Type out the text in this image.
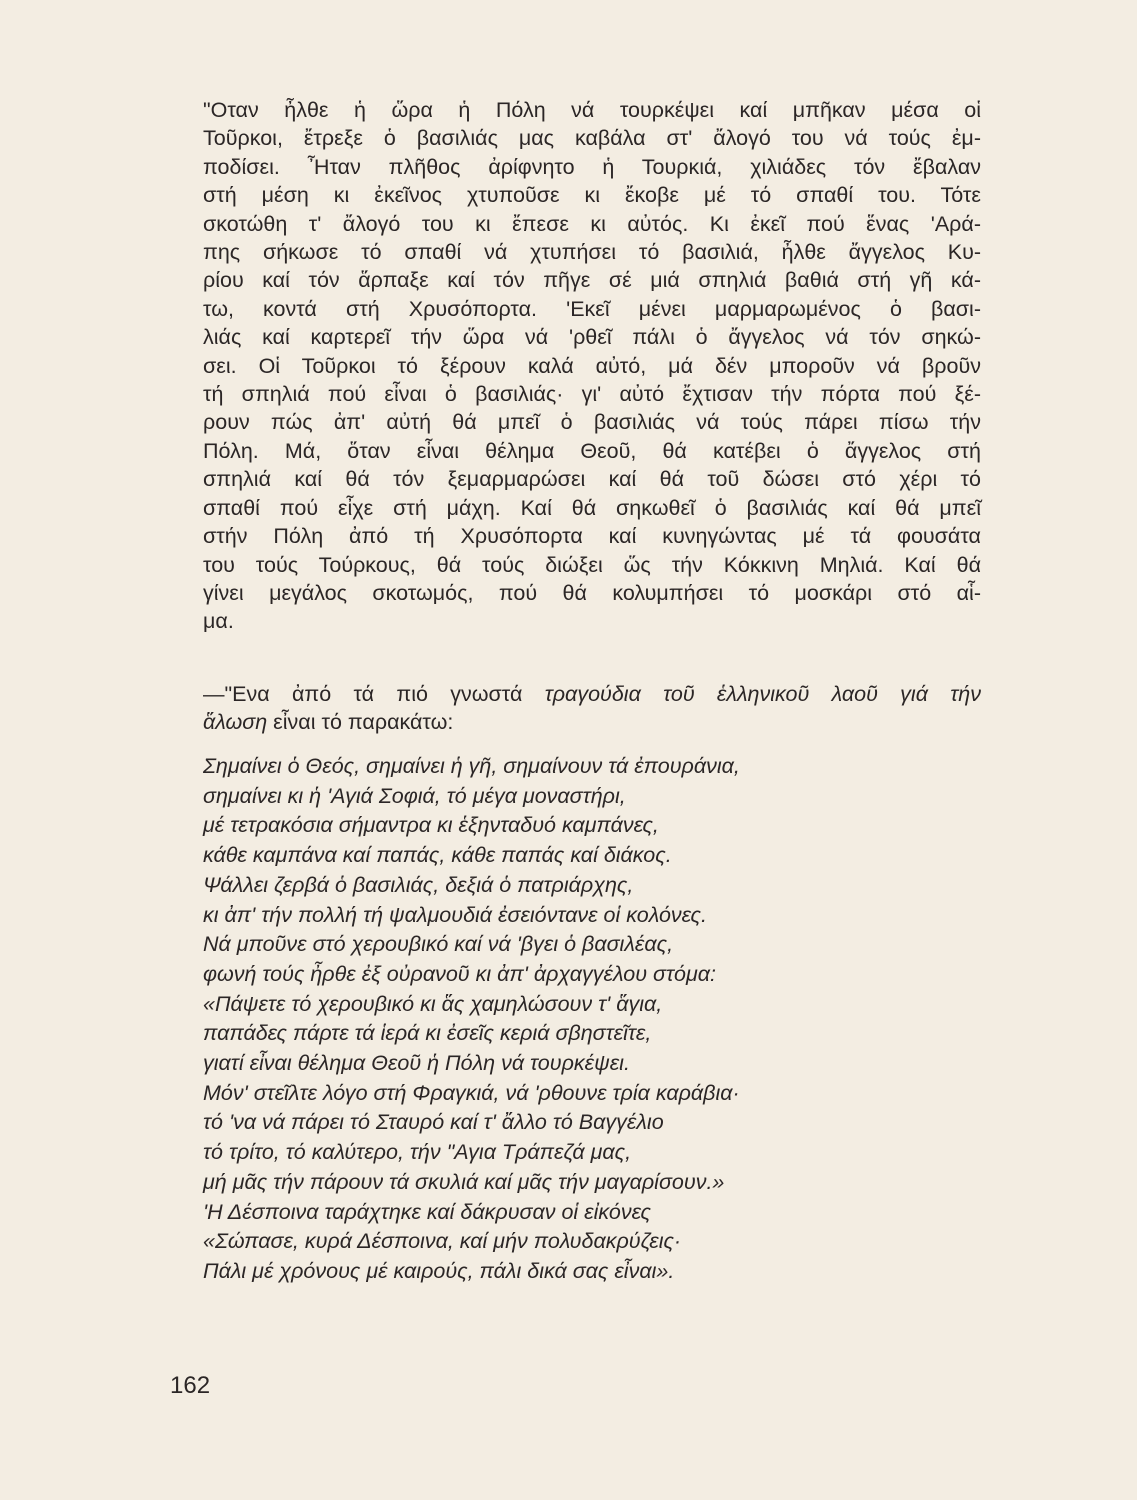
"Οταν ἦλθε ἡ ὥρα ἡ Πόλη νά τουρκέψει καί μπῆκαν μέσα οἱ
Τοῦρκοι, ἔτρεξε ὁ βασιλιάς μας καβάλα στ' ἄλογό του νά τούς ἐμ-
ποδίσει. Ἦταν πλῆθος ἀρίφνητο ἡ Τουρκιά, χιλιάδες τόν ἔβαλαν
στή μέση κι ἐκεῖνος χτυποῦσε κι ἔκοβε μέ τό σπαθί του. Τότε
σκοτώθη τ' ἄλογό του κι ἔπεσε κι αὐτός. Κι ἐκεῖ πού ἕνας 'Αρά-
πης σήκωσε τό σπαθί νά χτυπήσει τό βασιλιά, ἦλθε ἄγγελος Κυ-
ρίου καί τόν ἅρπαξε καί τόν πῆγε σέ μιά σπηλιά βαθιά στή γῆ κά-
τω, κοντά στή Χρυσόπορτα. 'Εκεῖ μένει μαρμαρωμένος ὁ βασι-
λιάς καί καρτερεῖ τήν ὥρα νά 'ρθεῖ πάλι ὁ ἄγγελος νά τόν σηκώ-
σει. Οἱ Τοῦρκοι τό ξέρουν καλά αὐτό, μά δέν μποροῦν νά βροῦν
τή σπηλιά πού εἶναι ὁ βασιλιάς· γι' αὐτό ἔχτισαν τήν πόρτα πού ξέ-
ρουν πώς ἀπ' αὐτή θά μπεῖ ὁ βασιλιάς νά τούς πάρει πίσω τήν
Πόλη. Μά, ὅταν εἶναι θέλημα Θεοῦ, θά κατέβει ὁ ἄγγελος στή
σπηλιά καί θά τόν ξεμαρμαρώσει καί θά τοῦ δώσει στό χέρι τό
σπαθί πού εἶχε στή μάχη. Καί θά σηκωθεῖ ὁ βασιλιάς καί θά μπεῖ
στήν Πόλη ἀπό τή Χρυσόπορτα καί κυνηγώντας μέ τά φουσάτα
του τούς Τούρκους, θά τούς διώξει ὥς τήν Κόκκινη Μηλιά. Καί θά
γίνει μεγάλος σκοτωμός, πού θά κολυμπήσει τό μοσκάρι στό αἷ-
μα.
—"Ενα ἀπό τά πιό γνωστά τραγούδια τοῦ ἑλληνικοῦ λαοῦ γιά τήν
ἅλωση εἶναι τό παρακάτω:
Σημαίνει ὁ Θεός, σημαίνει ἡ γῆ, σημαίνουν τά ἐπουράνια,
σημαίνει κι ἡ 'Αγιά Σοφιά, τό μέγα μοναστήρι,
μέ τετρακόσια σήμαντρα κι ἑξηνταδυό καμπάνες,
κάθε καμπάνα καί παπάς, κάθε παπάς καί διάκος.
Ψάλλει ζερβά ὁ βασιλιάς, δεξιά ὁ πατριάρχης,
κι ἀπ' τήν πολλή τή ψαλμουδιά ἐσειόντανε οἱ κολόνες.
Νά μποῦνε στό χερουβικό καί νά 'βγει ὁ βασιλέας,
φωνή τούς ἦρθε ἐξ οὐρανοῦ κι ἀπ' ἀρχαγγέλου στόμα:
«Πάψετε τό χερουβικό κι ἅς χαμηλώσουν τ' ἅγια,
παπάδες πάρτε τά ἱερά κι ἐσεῖς κεριά σβηστεῖτε,
γιατί εἶναι θέλημα Θεοῦ ἡ Πόλη νά τουρκέψει.
Μόν' στεῖλτε λόγο στή Φραγκιά, νά 'ρθουνε τρία καράβια·
τό 'να νά πάρει τό Σταυρό καί τ' ἄλλο τό Βαγγέλιο
τό τρίτο, τό καλύτερο, τήν "Αγια Τράπεζά μας,
μή μᾶς τήν πάρουν τά σκυλιά καί μᾶς τήν μαγαρίσουν.»
'Η Δέσποινα ταράχτηκε καί δάκρυσαν οἱ εἰκόνες
«Σώπασε, κυρά Δέσποινα, καί μήν πολυδακρύζεις·
Πάλι μέ χρόνους μέ καιρούς, πάλι δικά σας εἶναι».
162
